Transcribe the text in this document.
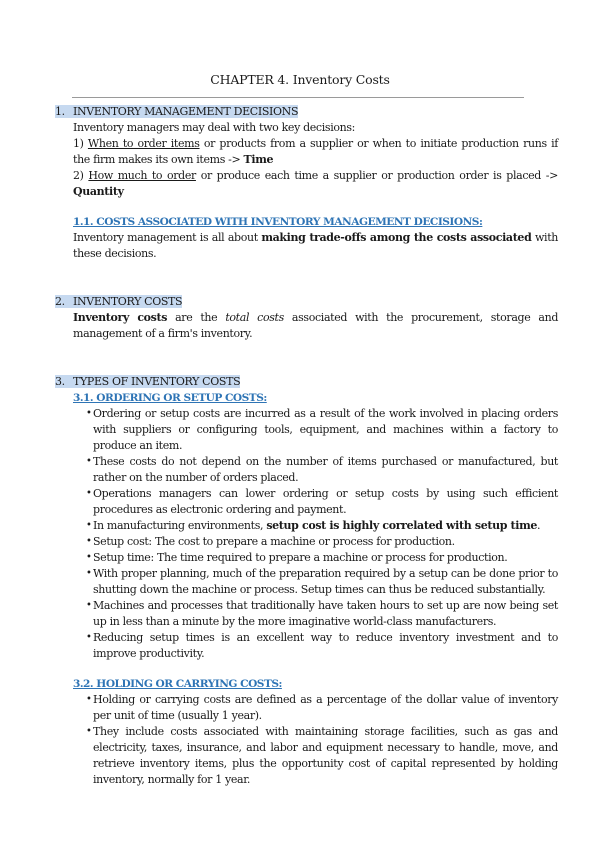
CHAPTER 4. Inventory Costs
1. INVENTORY MANAGEMENT DECISIONS
Inventory managers may deal with two key decisions:
1) When to order items or products from a supplier or when to initiate production runs if the firm makes its own items -> Time
2) How much to order or produce each time a supplier or production order is placed -> Quantity
1.1. COSTS ASSOCIATED WITH INVENTORY MANAGEMENT DECISIONS:
Inventory management is all about making trade-offs among the costs associated with these decisions.
2. INVENTORY COSTS
Inventory costs are the total costs associated with the procurement, storage and management of a firm's inventory.
3. TYPES OF INVENTORY COSTS
3.1. ORDERING OR SETUP COSTS:
• Ordering or setup costs are incurred as a result of the work involved in placing orders with suppliers or configuring tools, equipment, and machines within a factory to produce an item.
• These costs do not depend on the number of items purchased or manufactured, but rather on the number of orders placed.
• Operations managers can lower ordering or setup costs by using such efficient procedures as electronic ordering and payment.
• In manufacturing environments, setup cost is highly correlated with setup time.
• Setup cost: The cost to prepare a machine or process for production.
• Setup time: The time required to prepare a machine or process for production.
• With proper planning, much of the preparation required by a setup can be done prior to shutting down the machine or process. Setup times can thus be reduced substantially.
• Machines and processes that traditionally have taken hours to set up are now being set up in less than a minute by the more imaginative world-class manufacturers.
• Reducing setup times is an excellent way to reduce inventory investment and to improve productivity.
3.2. HOLDING OR CARRYING COSTS:
• Holding or carrying costs are defined as a percentage of the dollar value of inventory per unit of time (usually 1 year).
• They include costs associated with maintaining storage facilities, such as gas and electricity, taxes, insurance, and labor and equipment necessary to handle, move, and retrieve inventory items, plus the opportunity cost of capital represented by holding inventory, normally for 1 year.
